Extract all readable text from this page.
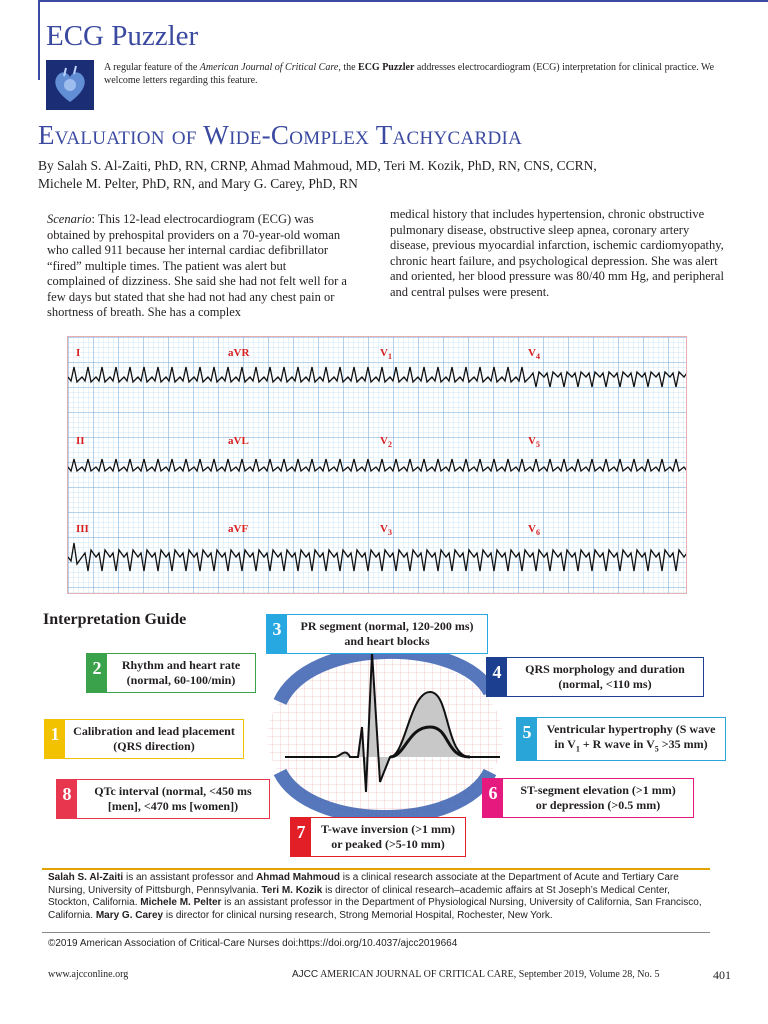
ECG Puzzler
A regular feature of the American Journal of Critical Care, the ECG Puzzler addresses electrocardiogram (ECG) interpretation for clinical practice. We welcome letters regarding this feature.
Evaluation of Wide-Complex Tachycardia
By Salah S. Al-Zaiti, PhD, RN, CRNP, Ahmad Mahmoud, MD, Teri M. Kozik, PhD, RN, CNS, CCRN,
Michele M. Pelter, PhD, RN, and Mary G. Carey, PhD, RN
Scenario: This 12-lead electrocardiogram (ECG) was obtained by prehospital providers on a 70-year-old woman who called 911 because her internal cardiac defibrillator “fired” multiple times. The patient was alert but complained of dizziness. She said she had not felt well for a few days but stated that she had not had any chest pain or shortness of breath. She has a complex
medical history that includes hypertension, chronic obstructive pulmonary disease, obstructive sleep apnea, coronary artery disease, previous myocardial infarction, ischemic cardiomyopathy, chronic heart failure, and psychological depression. She was alert and oriented, her blood pressure was 80/40 mm Hg, and peripheral and central pulses were present.
I	aVR	$V_1$	$V_4$
II	aVL	$V_2$	$V_5$
III	aVF	$V_3$	$V_6$
Interpretation Guide
1	Calibration and lead placement
(QRS direction)
2	Rhythm and heart rate
(normal, 60-100/min)
3	PR segment (normal, 120-200 ms)
and heart blocks
4	QRS morphology and duration
(normal, <110 ms)
5	Ventricular hypertrophy (S wave
in $V_1 + R$ wave in $V_5 >35$ mm)
6	ST-segment elevation (>1 mm)
or depression (>0.5 mm)
7	T-wave inversion (>1 mm)
or peaked (>5-10 mm)
8	QTc interval (normal, <450 ms
[men], <470 ms [women])
Salah S. Al-Zaiti is an assistant professor and Ahmad Mahmoud is a clinical research associate at the Department of Acute and Tertiary Care Nursing, University of Pittsburgh, Pennsylvania. Teri M. Kozik is director of clinical research–academic affairs at St Joseph’s Medical Center, Stockton, California. Michele M. Pelter is an assistant professor in the Department of Physiological Nursing, University of California, San Francisco, California. Mary G. Carey is director for clinical nursing research, Strong Memorial Hospital, Rochester, New York.
©2019 American Association of Critical-Care Nurses doi:https://doi.org/10.4037/ajcc2019664
www.ajcconline.org	AJCC AMERICAN JOURNAL OF CRITICAL CARE, September 2019, Volume 28, No. 5	401
